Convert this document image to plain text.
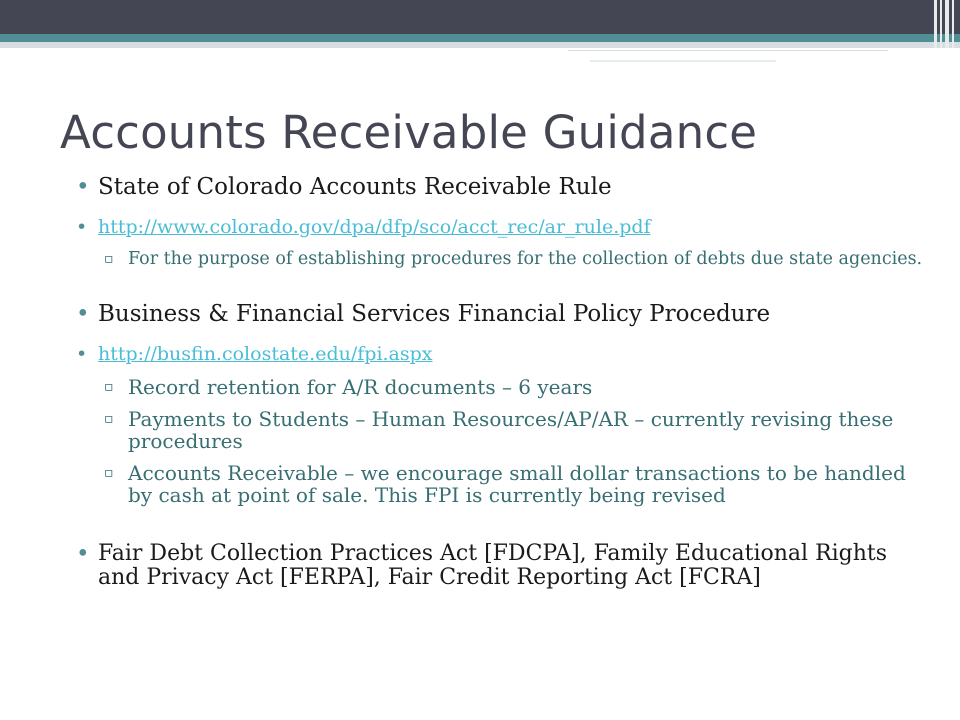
Accounts Receivable Guidance
• State of Colorado Accounts Receivable Rule
• http://www.colorado.gov/dpa/dfp/sco/acct_rec/ar_rule.pdf
▫ For the purpose of establishing procedures for the collection of debts due state agencies.
• Business & Financial Services Financial Policy Procedure
• http://busfin.colostate.edu/fpi.aspx
▫ Record retention for A/R documents – 6 years
▫ Payments to Students – Human Resources/AP/AR – currently revising these procedures
▫ Accounts Receivable – we encourage small dollar transactions to be handled by cash at point of sale. This FPI is currently being revised
• Fair Debt Collection Practices Act [FDCPA], Family Educational Rights and Privacy Act [FERPA], Fair Credit Reporting Act [FCRA]
